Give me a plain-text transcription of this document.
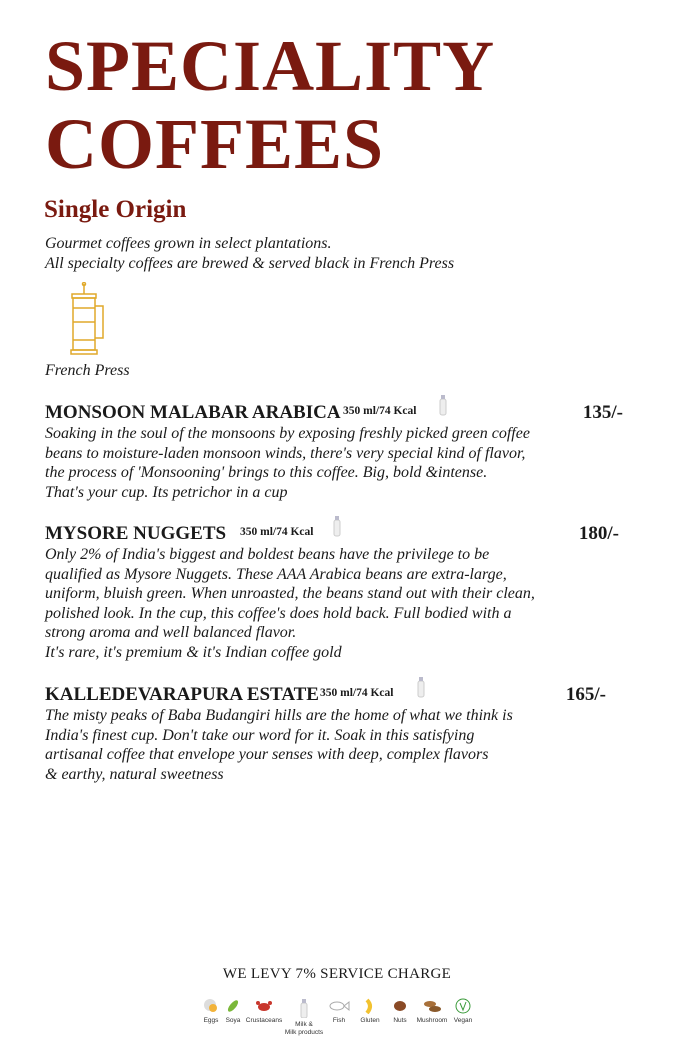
SPECIALITY
COFFEES
Single Origin
Gourmet coffees grown in select plantations.
All specialty coffees are brewed & served black in French Press
French Press
MONSOON MALABAR ARABICA 350 ml/74 Kcal	135/-
Soaking in the soul of the monsoons by exposing freshly picked green coffee
beans to moisture-laden monsoon winds, there's very special kind of flavor,
the process of 'Monsooning' brings to this coffee. Big, bold &intense.
That's your cup. Its petrichor in a cup
MYSORE NUGGETS 350 ml/74 Kcal	180/-
Only 2% of India's biggest and boldest beans have the privilege to be
qualified as Mysore Nuggets. These AAA Arabica beans are extra-large,
uniform, bluish green. When unroasted, the beans stand out with their clean,
polished look. In the cup, this coffee's does hold back. Full bodied with a
strong aroma and well balanced flavor.
It's rare, it's premium & it's Indian coffee gold
KALLEDEVARAPURA ESTATE 350 ml/74 Kcal	165/-
The misty peaks of Baba Budangiri hills are the home of what we think is
India's finest cup. Don't take our word for it. Soak in this satisfying
artisanal coffee that envelope your senses with deep, complex flavors
& earthy, natural sweetness
WE LEVY 7% SERVICE CHARGE
Eggs Soya Crustaceans
Milk &
Milk products
Fish Gluten Nuts Mushroom Vegan
